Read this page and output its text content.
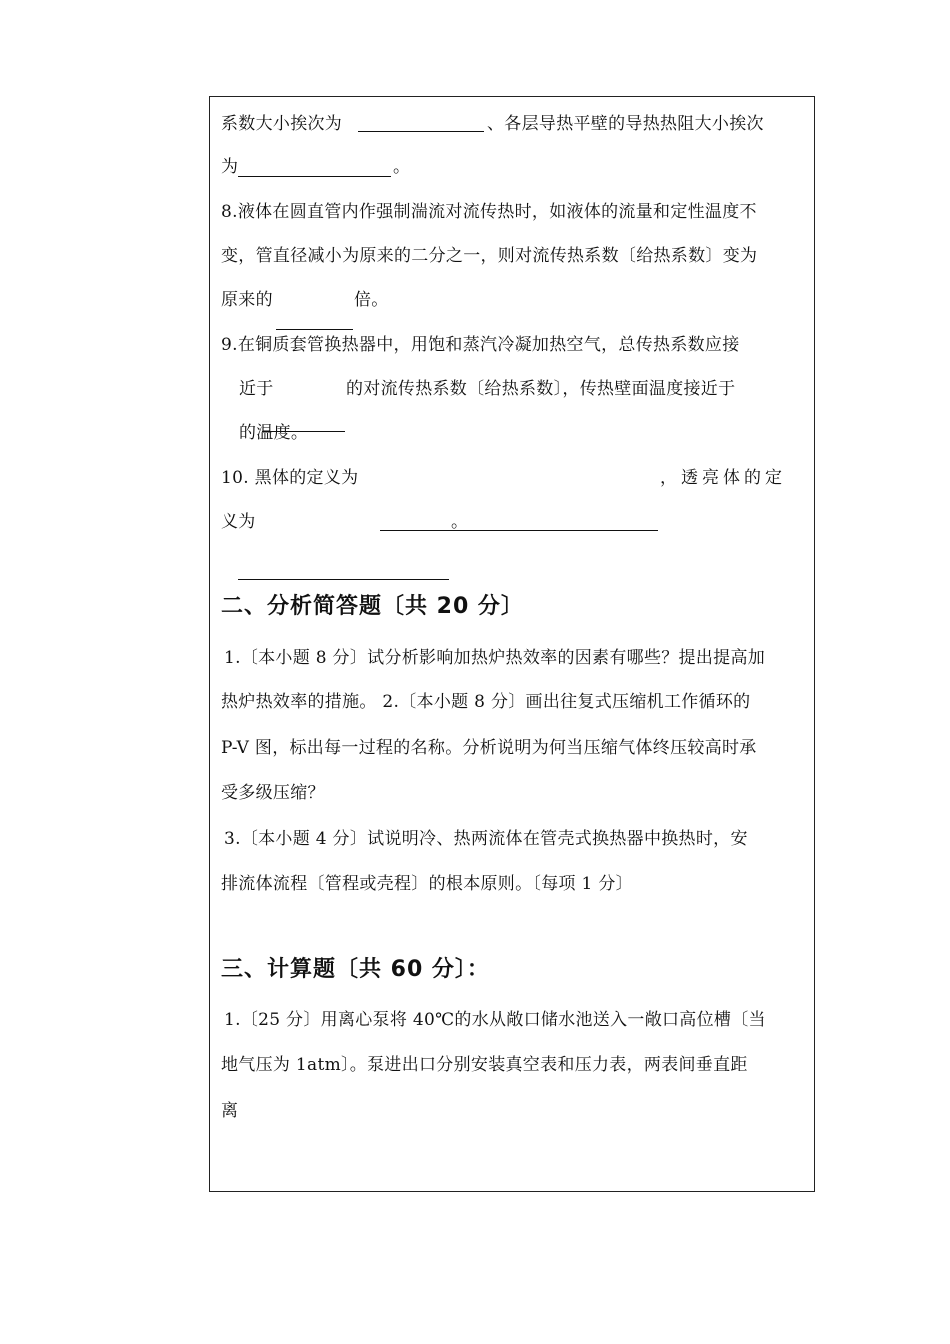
系数大小挨次为	、各层导热平壁的导热热阻大小挨次
为	。
8.液体在圆直管内作强制湍流对流传热时，如液体的流量和定性温度不
变，管直径减小为原来的二分之一，则对流传热系数〔给热系数〕变为
原来的	倍。
9.在铜质套管换热器中，用饱和蒸汽冷凝加热空气，总传热系数应接
近于	的对流传热系数〔给热系数〕，传热壁面温度接近于
的温度。
10. 黑体的定义为	，透亮体的定
义为	。
二、分析简答题〔共 20 分〕
1.〔本小题 8 分〕试分析影响加热炉热效率的因素有哪些？提出提高加
热炉热效率的措施。 2.〔本小题 8 分〕画出往复式压缩机工作循环的
P-V 图，标出每一过程的名称。分析说明为何当压缩气体终压较高时承
受多级压缩？
3.〔本小题 4 分〕试说明冷、热两流体在管壳式换热器中换热时，安
排流体流程〔管程或壳程〕的根本原则。〔每项 1 分〕
三、计算题〔共 60 分〕：
1.〔25 分〕用离心泵将 40℃的水从敞口储水池送入一敞口高位槽〔当
地气压为 1atm〕。泵进出口分别安装真空表和压力表，两表间垂直距
离
